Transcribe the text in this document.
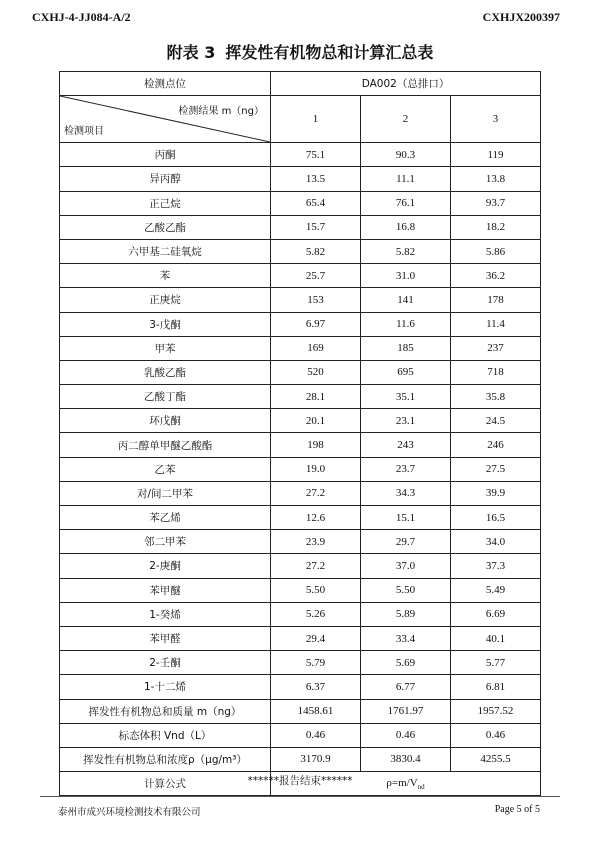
CXHJ-4-JJ084-A/2	CXHJX200397
附表 3 挥发性有机物总和计算汇总表
检测点位	DA002（总排口）		

检测结果 m（ng）
检测项目	1	2	3
丙酮	75.1	90.3	119
异丙醇	13.5	11.1	13.8
正己烷	65.4	76.1	93.7
乙酸乙酯	15.7	16.8	18.2
六甲基二硅氧烷	5.82	5.82	5.86
苯	25.7	31.0	36.2
正庚烷	153	141	178
3-戊酮	6.97	11.6	11.4
甲苯	169	185	237
乳酸乙酯	520	695	718
乙酸丁酯	28.1	35.1	35.8
环戊酮	20.1	23.1	24.5
丙二醇单甲醚乙酸酯	198	243	246
乙苯	19.0	23.7	27.5
对/间二甲苯	27.2	34.3	39.9
苯乙烯	12.6	15.1	16.5
邻二甲苯	23.9	29.7	34.0
2-庚酮	27.2	37.0	37.3
苯甲醚	5.50	5.50	5.49
1-癸烯	5.26	5.89	6.69
苯甲醛	29.4	33.4	40.1
2-壬酮	5.79	5.69	5.77
1-十二烯	6.37	6.77	6.81
挥发性有机物总和质量 m（ng）	1458.61	1761.97	1957.52
标态体积 Vnd（L）	0.46	0.46	0.46
挥发性有机物总和浓度ρ（μg/m³）	3170.9	3830.4	4255.5
计算公式	$\rho=m/V_{nd}$
******报告结束******
泰州市成兴环境检测技术有限公司	Page 5 of 5
